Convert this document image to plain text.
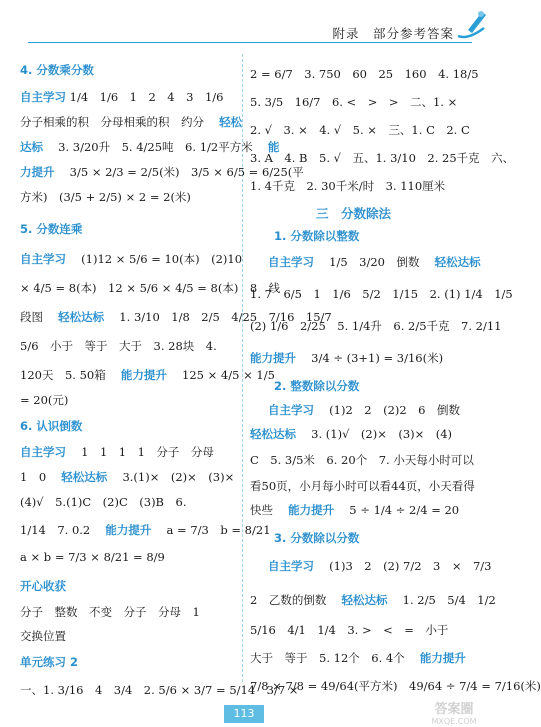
附录　部分参考答案
4. 分数乘分数
自主学习 1/4　1/6　1　2　4　3　1/6
分子相乘的积　分母相乘的积　约分　 轻松
达标 　3. 3/20升　5. 4/25吨　6. 1/2平方米　 能
力提升 　3/5 × 2/3 = 2/5(米)　3/5 × 6/5 = 6/25(平
方米)　(3/5 + 2/5) × 2 = 2(米)
5. 分数连乘
自主学习 　(1)12 × 5/6 = 10(本)　(2)10
× 4/5 = 8(本)　12 × 5/6 × 4/5 = 8(本)　8　线
段图　 轻松达标 　1. 3/10　1/8　2/5　4/25　7/16　15/7
5/6　小于　等于　大于　3. 28块　4.
120天　5. 50箱　 能力提升 　125 × 4/5 × 1/5
= 20(元)
6. 认识倒数
自主学习 　1　1　1　1　分子　分母
1　0　 轻松达标 　3.(1)×　(2)×　(3)×
(4)√　5.(1)C　(2)C　(3)B　6.
1/14　7. 0.2　 能力提升 　a = 7/3　b = 8/21
a × b = 7/3 × 8/21 = 8/9
开心收获
分子　整数　不变　分子　分母　1
交换位置
单元练习 2
一、1. 3/16　4　3/4　2. 5/6 × 3/7 = 5/14　3/7 ×
2 = 6/7　3. 750　60　25　160　4. 18/5
5. 3/5　16/7　6. <　>　>　二、1. ×
2. √　3. ×　4. √　5. ×　三、1. C　2. C
3. A　4. B　5. √　五、1. 3/10　2. 25千克　六、
1. 4千克　2. 30千米/时　3. 110厘米
三　分数除法
1. 分数除以整数
自主学习 　1/5　3/20　倒数　 轻松达标
1. 7　6/5　1　1/6　5/2　1/15　2. (1) 1/4　1/5
(2) 1/6　2/25　5. 1/4升　6. 2/5千克　7. 2/11
能力提升 　3/4 ÷ (3+1) = 3/16(米)
2. 整数除以分数
自主学习 　(1)2　2　(2)2　6　倒数
轻松达标 　3. (1)√　(2)×　(3)×　(4)
C　5. 3/5米　6. 20个　7. 小天每小时可以
看50页，小月每小时可以看44页，小天看得
快些　 能力提升 　5 ÷ 1/4 ÷ 2/4 = 20
3. 分数除以分数
自主学习 　(1)3　2　(2) 7/2　3　×　7/3
2　乙数的倒数　 轻松达标 　1. 2/5　5/4　1/2
5/16　4/1　1/4　3. >　<　=　小于
大于　等于　5. 12个　6. 4个　 能力提升
7/8 × 7/8 = 49/64(平方米)　49/64 ÷ 7/4 = 7/16(米)
113	答案圈
MXQE.COM
